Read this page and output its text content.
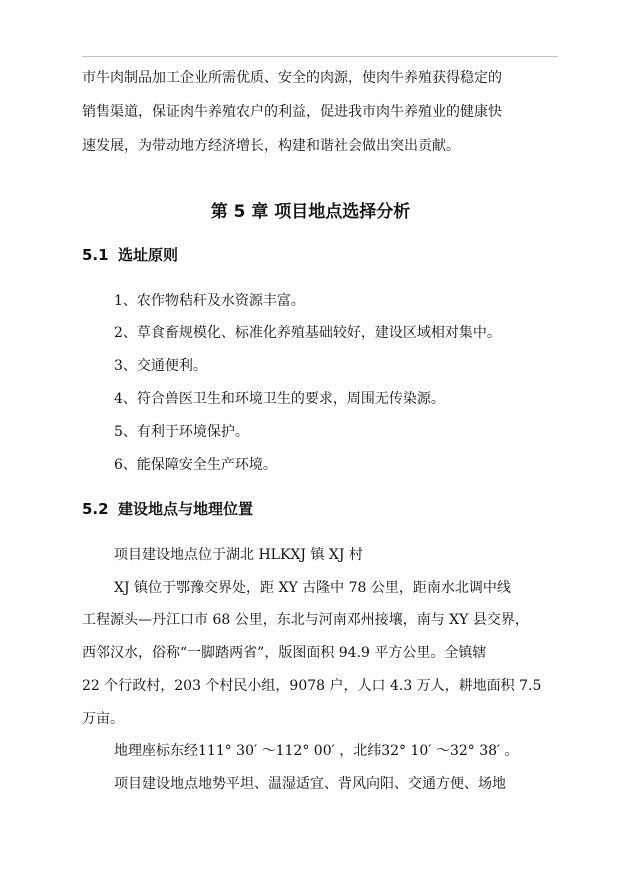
市牛肉制品加工企业所需优质、安全的肉源，使肉牛养殖获得稳定的
销售渠道，保证肉牛养殖农户的利益，促进我市肉牛养殖业的健康快
速发展，为带动地方经济增长，构建和谐社会做出突出贡献。
第 5 章 项目地点选择分析
5.1 选址原则
1、农作物秸秆及水资源丰富。
2、草食畜规模化、标准化养殖基础较好，建设区域相对集中。
3、交通便利。
4、符合兽医卫生和环境卫生的要求，周围无传染源。
5、有利于环境保护。
6、能保障安全生产环境。
5.2 建设地点与地理位置
项目建设地点位于湖北 HLKXJ 镇 XJ 村
XJ 镇位于鄂豫交界处，距 XY 古隆中 78 公里，距南水北调中线
工程源头—丹江口市 68 公里，东北与河南邓州接壤，南与 XY 县交界，
西邻汉水，俗称“一脚踏两省”，版图面积 94.9 平方公里。全镇辖
22 个行政村，203 个村民小组，9078 户，人口 4.3 万人，耕地面积 7.5
万亩。
地理座标东经111° 30′ ～112° 00′ ，北纬32° 10′ ～32° 38′ 。
项目建设地点地势平坦、温湿适宜、背风向阳、交通方便、场地
